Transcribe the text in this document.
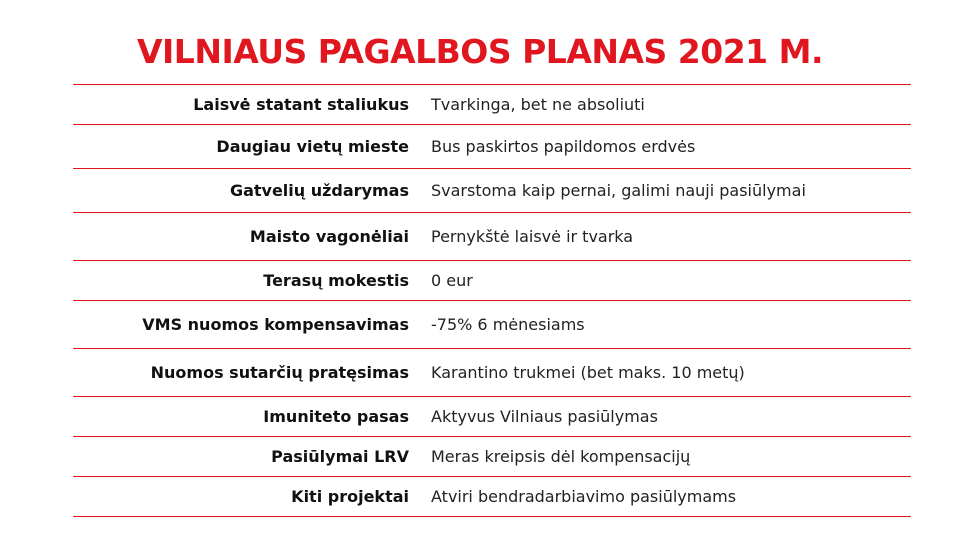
VILNIAUS PAGALBOS PLANAS 2021 M.
Laisvė statant staliukus	Tvarkinga, bet ne absoliuti
Daugiau vietų mieste	Bus paskirtos papildomos erdvės
Gatvelių uždarymas	Svarstoma kaip pernai, galimi nauji pasiūlymai
Maisto vagonėliai	Pernykštė laisvė ir tvarka
Terasų mokestis	0 eur
VMS nuomos kompensavimas	-75% 6 mėnesiams
Nuomos sutarčių pratęsimas	Karantino trukmei (bet maks. 10 metų)
Imuniteto pasas	Aktyvus Vilniaus pasiūlymas
Pasiūlymai LRV	Meras kreipsis dėl kompensacijų
Kiti projektai	Atviri bendradarbiavimo pasiūlymams
